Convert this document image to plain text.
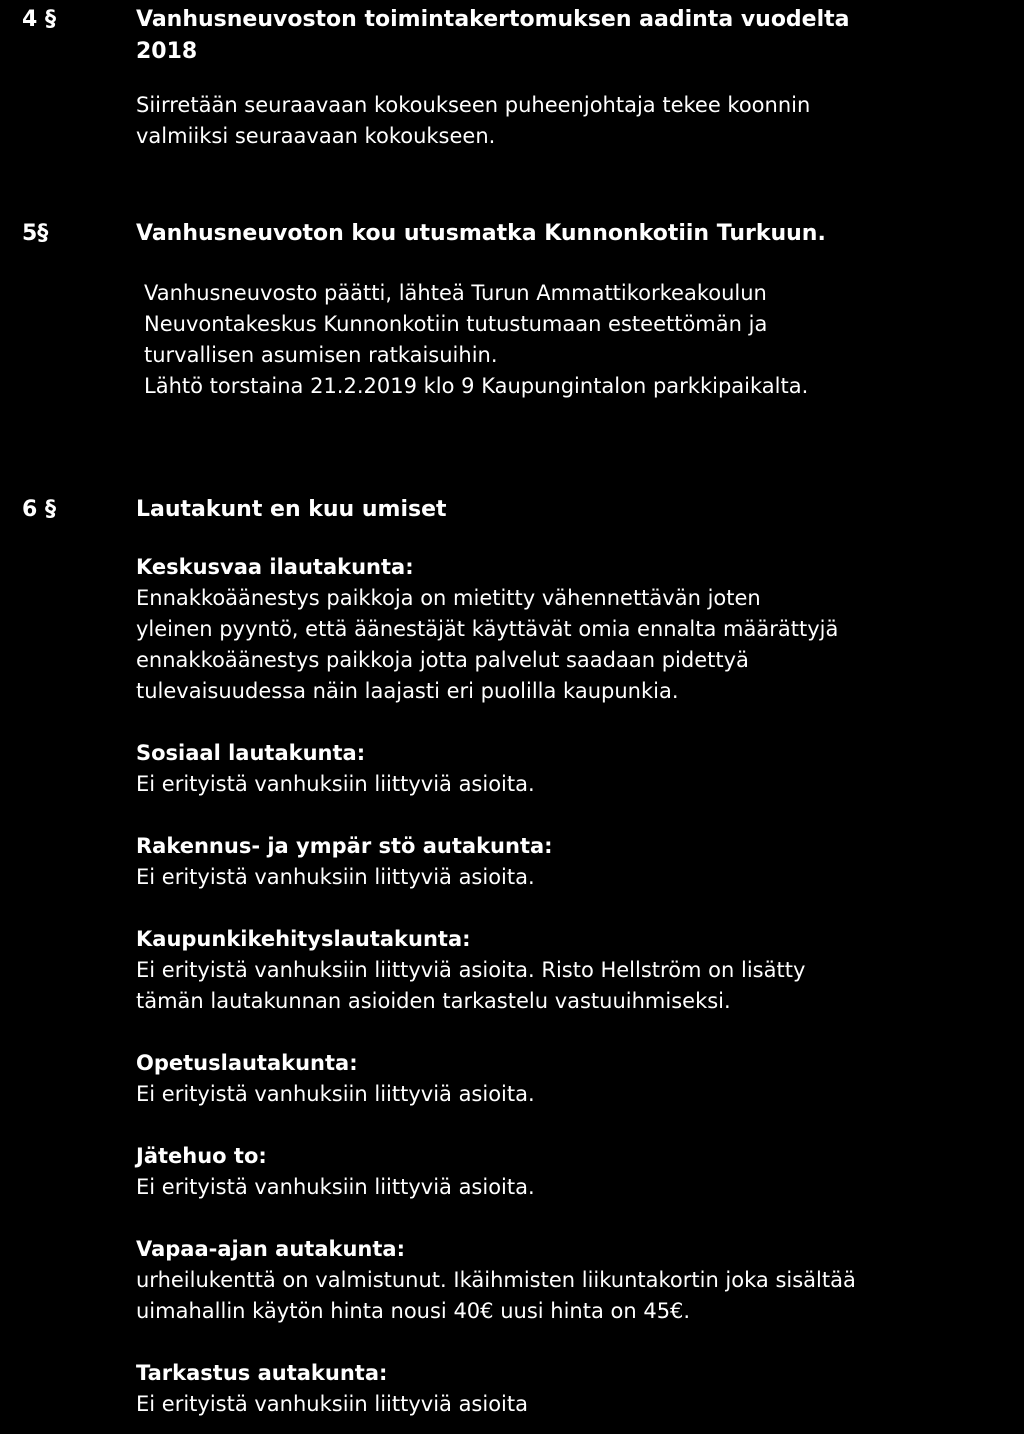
4 §	Vanhusneuvoston toimintakertomuksen aadinta vuodelta
2018

Siirretään seuraavaan kokoukseen puheenjohtaja tekee koonnin
valmiiksi seuraavaan kokoukseen.

5§	Vanhusneuvoton kou utusmatka Kunnonkotiin Turkuun.

Vanhusneuvosto päätti, lähteä Turun Ammattikorkeakoulun
Neuvontakeskus Kunnonkotiin tutustumaan esteettömän ja
turvallisen asumisen ratkaisuihin.
Lähtö torstaina 21.2.2019 klo 9 Kaupungintalon parkkipaikalta.

6 §	Lautakunt en kuu umiset
Keskusvaa ilautakunta:
Ennakkoäänestys paikkoja on mietitty vähennettävän joten
yleinen pyyntö, että äänestäjät käyttävät omia ennalta määrättyjä
ennakkoäänestys paikkoja jotta palvelut saadaan pidettyä
tulevaisuudessa näin laajasti eri puolilla kaupunkia.
Sosiaal lautakunta:
Ei erityistä vanhuksiin liittyviä asioita.
Rakennus- ja ympär stö autakunta:
Ei erityistä vanhuksiin liittyviä asioita.
Kaupunkikehityslautakunta:
Ei erityistä vanhuksiin liittyviä asioita. Risto Hellström on lisätty
tämän lautakunnan asioiden tarkastelu vastuuihmiseksi.
Opetuslautakunta:
Ei erityistä vanhuksiin liittyviä asioita.
Jätehuo to:
Ei erityistä vanhuksiin liittyviä asioita.
Vapaa-ajan autakunta:
urheilukenttä on valmistunut. Ikäihmisten liikuntakortin joka sisältää
uimahallin käytön hinta nousi 40€ uusi hinta on 45€.
Tarkastus autakunta:
Ei erityistä vanhuksiin liittyviä asioita
